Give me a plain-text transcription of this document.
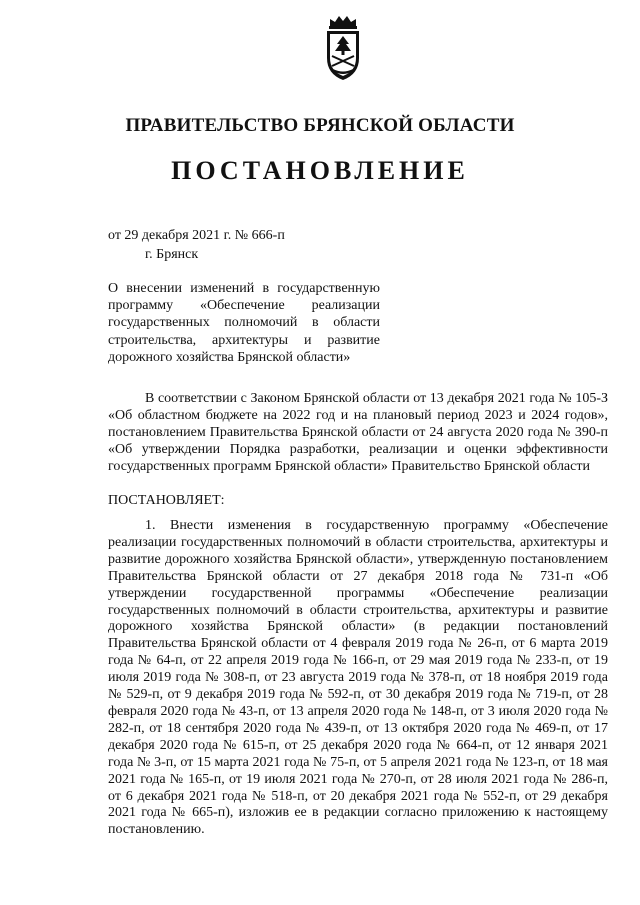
ПРАВИТЕЛЬСТВО БРЯНСКОЙ ОБЛАСТИ
ПОСТАНОВЛЕНИЕ
от 29 декабря 2021 г. № 666-п
г. Брянск
О внесении изменений в государственную программу «Обеспечение реализации государственных полномочий в области строительства, архитектуры и развитие дорожного хозяйства Брянской области»
В соответствии с Законом Брянской области от 13 декабря 2021 года № 105-З «Об областном бюджете на 2022 год и на плановый период 2023 и 2024 годов», постановлением Правительства Брянской области от 24 августа 2020 года № 390-п «Об утверждении Порядка разработки, реализации и оценки эффективности государственных программ Брянской области» Правительство Брянской области
ПОСТАНОВЛЯЕТ:
1. Внести изменения в государственную программу «Обеспечение реализации государственных полномочий в области строительства, архитектуры и развитие дорожного хозяйства Брянской области», утвержденную постановлением Правительства Брянской области от 27 декабря 2018 года № 731-п «Об утверждении государственной программы «Обеспечение реализации государственных полномочий в области строительства, архитектуры и развитие дорожного хозяйства Брянской области» (в редакции постановлений Правительства Брянской области от 4 февраля 2019 года № 26-п, от 6 марта 2019 года № 64-п, от 22 апреля 2019 года № 166-п, от 29 мая 2019 года № 233-п, от 19 июля 2019 года № 308-п, от 23 августа 2019 года № 378-п, от 18 ноября 2019 года № 529-п, от 9 декабря 2019 года № 592-п, от 30 декабря 2019 года № 719-п, от 28 февраля 2020 года № 43-п, от 13 апреля 2020 года № 148-п, от 3 июля 2020 года № 282-п, от 18 сентября 2020 года № 439-п, от 13 октября 2020 года № 469-п, от 17 декабря 2020 года № 615-п, от 25 декабря 2020 года № 664-п, от 12 января 2021 года № 3-п, от 15 марта 2021 года № 75-п, от 5 апреля 2021 года № 123-п, от 18 мая 2021 года № 165-п, от 19 июля 2021 года № 270-п, от 28 июля 2021 года № 286-п, от 6 декабря 2021 года № 518-п, от 20 декабря 2021 года № 552-п, от 29 декабря 2021 года № 665-п), изложив ее в редакции согласно приложению к настоящему постановлению.
